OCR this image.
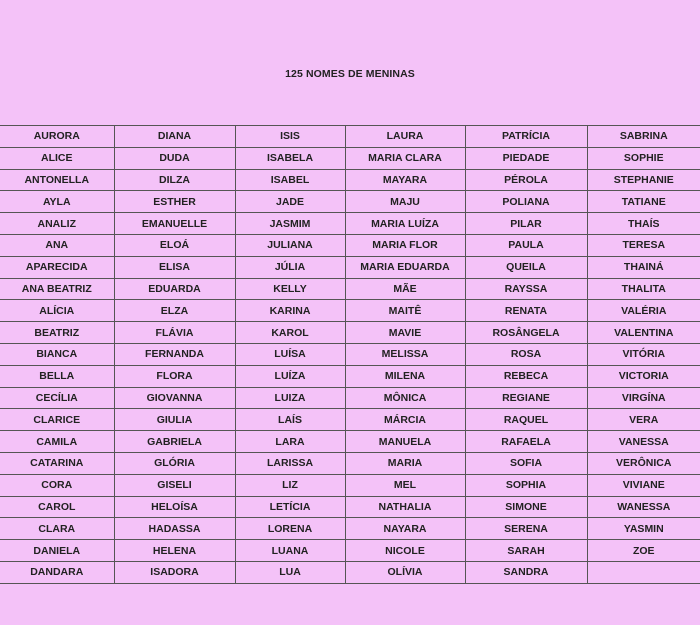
125 NOMES DE MENINAS
AURORA	DIANA	ISIS	LAURA	PATRÍCIA	SABRINA
ALICE	DUDA	ISABELA	MARIA CLARA	PIEDADE	SOPHIE
ANTONELLA	DILZA	ISABEL	MAYARA	PÉROLA	STEPHANIE
AYLA	ESTHER	JADE	MAJU	POLIANA	TATIANE
ANALIZ	EMANUELLE	JASMIM	MARIA LUÍZA	PILAR	THAÍS
ANA	ELOÁ	JULIANA	MARIA FLOR	PAULA	TERESA
APARECIDA	ELISA	JÚLIA	MARIA EDUARDA	QUEILA	THAINÁ
ANA BEATRIZ	EDUARDA	KELLY	MÃE	RAYSSA	THALITA
ALÍCIA	ELZA	KARINA	MAITÊ	RENATA	VALÉRIA
BEATRIZ	FLÁVIA	KAROL	MAVIE	ROSÂNGELA	VALENTINA
BIANCA	FERNANDA	LUÍSA	MELISSA	ROSA	VITÓRIA
BELLA	FLORA	LUÍZA	MILENA	REBECA	VICTORIA
CECÍLIA	GIOVANNA	LUIZA	MÔNICA	REGIANE	VIRGÍNA
CLARICE	GIULIA	LAÍS	MÁRCIA	RAQUEL	VERA
CAMILA	GABRIELA	LARA	MANUELA	RAFAELA	VANESSA
CATARINA	GLÓRIA	LARISSA	MARIA	SOFIA	VERÔNICA
CORA	GISELI	LIZ	MEL	SOPHIA	VIVIANE
CAROL	HELOÍSA	LETÍCIA	NATHALIA	SIMONE	WANESSA
CLARA	HADASSA	LORENA	NAYARA	SERENA	YASMIN
DANIELA	HELENA	LUANA	NICOLE	SARAH	ZOE
DANDARA	ISADORA	LUA	OLÍVIA	SANDRA	
